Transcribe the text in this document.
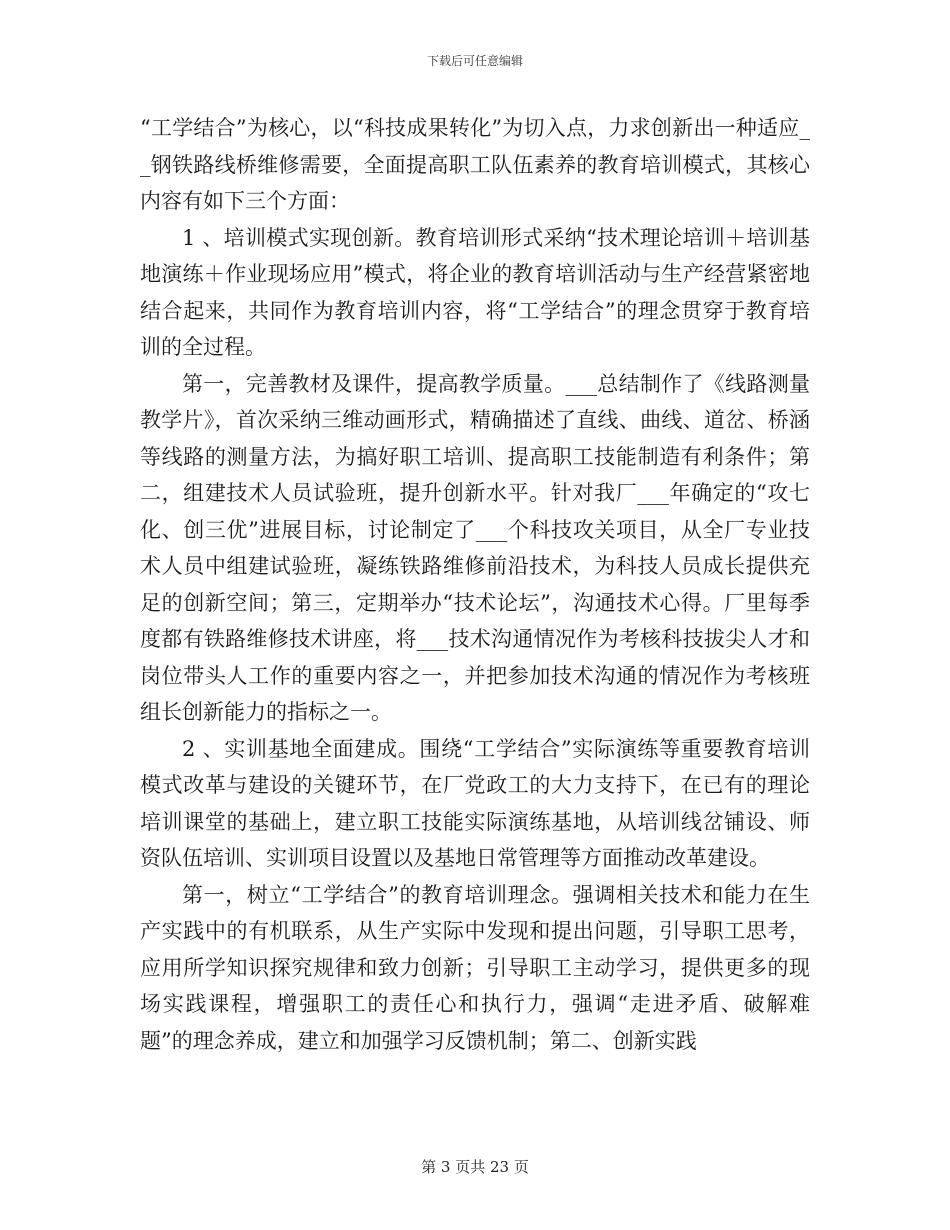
下载后可任意编辑

“工学结合”为核心，以“科技成果转化”为切入点，力求创新出一种适应__钢铁路线桥维修需要，全面提高职工队伍素养的教育培训模式，其核心内容有如下三个方面：

1 、培训模式实现创新。教育培训形式采纳“技术理论培训＋培训基地演练＋作业现场应用”模式，将企业的教育培训活动与生产经营紧密地结合起来，共同作为教育培训内容，将“工学结合”的理念贯穿于教育培训的全过程。

第一，完善教材及课件，提高教学质量。___总结制作了《线路测量教学片》，首次采纳三维动画形式，精确描述了直线、曲线、道岔、桥涵等线路的测量方法，为搞好职工培训、提高职工技能制造有利条件；第二，组建技术人员试验班，提升创新水平。针对我厂___年确定的“攻七化、创三优”进展目标，讨论制定了___个科技攻关项目，从全厂专业技术人员中组建试验班，凝练铁路维修前沿技术，为科技人员成长提供充足的创新空间；第三，定期举办“技术论坛”，沟通技术心得。厂里每季度都有铁路维修技术讲座，将___技术沟通情况作为考核科技拔尖人才和岗位带头人工作的重要内容之一，并把参加技术沟通的情况作为考核班组长创新能力的指标之一。

2 、实训基地全面建成。围绕“工学结合”实际演练等重要教育培训模式改革与建设的关键环节，在厂党政工的大力支持下，在已有的理论培训课堂的基础上，建立职工技能实际演练基地，从培训线岔铺设、师资队伍培训、实训项目设置以及基地日常管理等方面推动改革建设。

第一，树立“工学结合”的教育培训理念。强调相关技术和能力在生产实践中的有机联系，从生产实际中发现和提出问题，引导职工思考，应用所学知识探究规律和致力创新；引导职工主动学习，提供更多的现场实践课程，增强职工的责任心和执行力，强调“走进矛盾、破解难题”的理念养成，建立和加强学习反馈机制；第二、创新实践

第 3 页共 23 页
